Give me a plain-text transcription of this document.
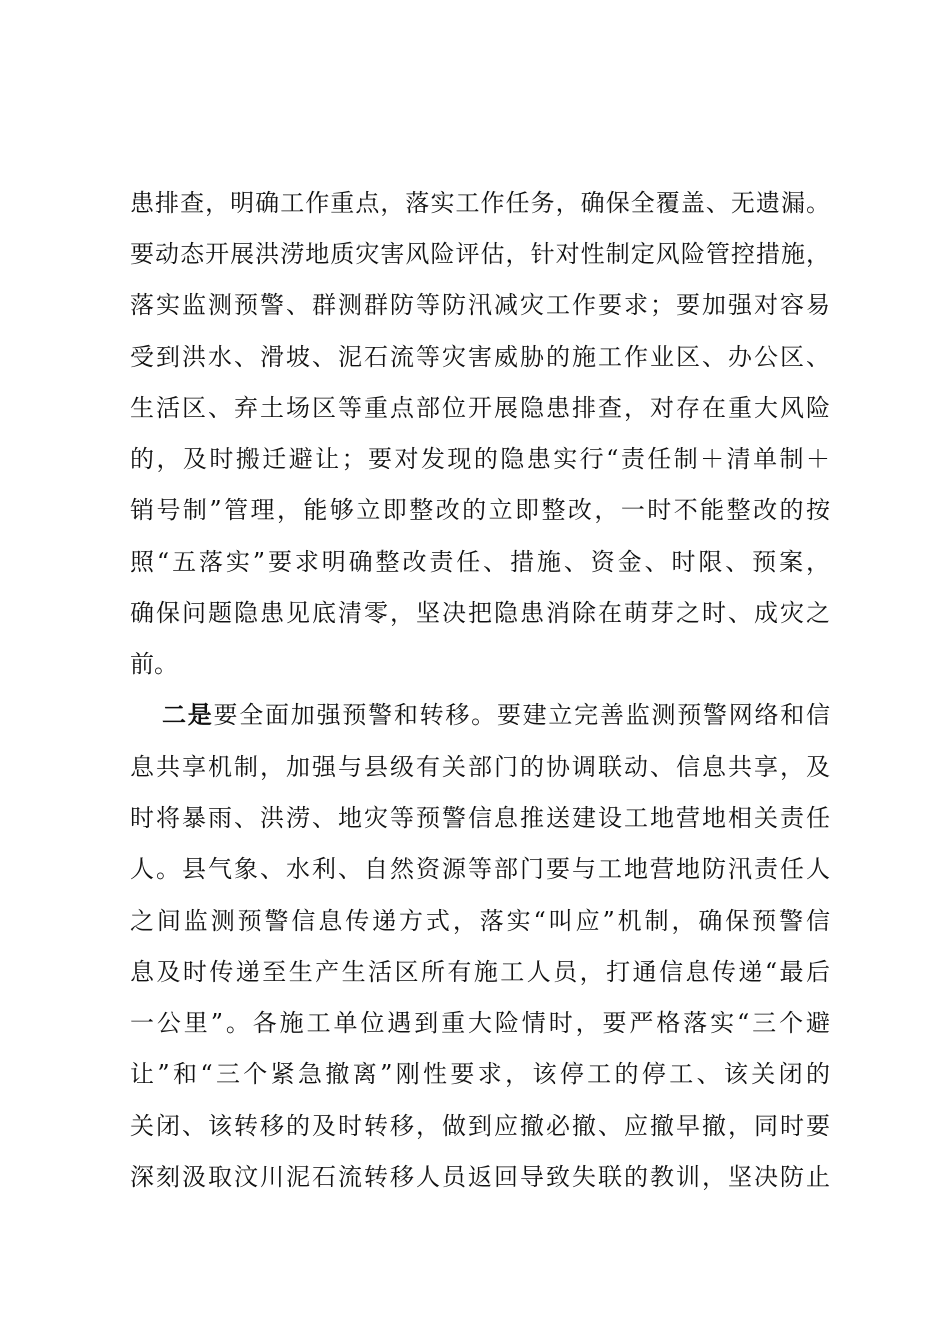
患排查，明确工作重点，落实工作任务，确保全覆盖、无遗漏。
要动态开展洪涝地质灾害风险评估，针对性制定风险管控措施，
落实监测预警、群测群防等防汛减灾工作要求；要加强对容易
受到洪水、滑坡、泥石流等灾害威胁的施工作业区、办公区、
生活区、弃土场区等重点部位开展隐患排查，对存在重大风险
的，及时搬迁避让；要对发现的隐患实行“责任制＋清单制＋
销号制”管理，能够立即整改的立即整改，一时不能整改的按
照“五落实”要求明确整改责任、措施、资金、时限、预案，
确保问题隐患见底清零，坚决把隐患消除在萌芽之时、成灾之
前。
二是要全面加强预警和转移。要建立完善监测预警网络和信
息共享机制，加强与县级有关部门的协调联动、信息共享，及
时将暴雨、洪涝、地灾等预警信息推送建设工地营地相关责任
人。县气象、水利、自然资源等部门要与工地营地防汛责任人
之间监测预警信息传递方式，落实“叫应”机制，确保预警信
息及时传递至生产生活区所有施工人员，打通信息传递“最后
一公里”。各施工单位遇到重大险情时，要严格落实“三个避
让”和“三个紧急撤离”刚性要求，该停工的停工、该关闭的
关闭、该转移的及时转移，做到应撤必撤、应撤早撤，同时要
深刻汲取汶川泥石流转移人员返回导致失联的教训，坚决防止
